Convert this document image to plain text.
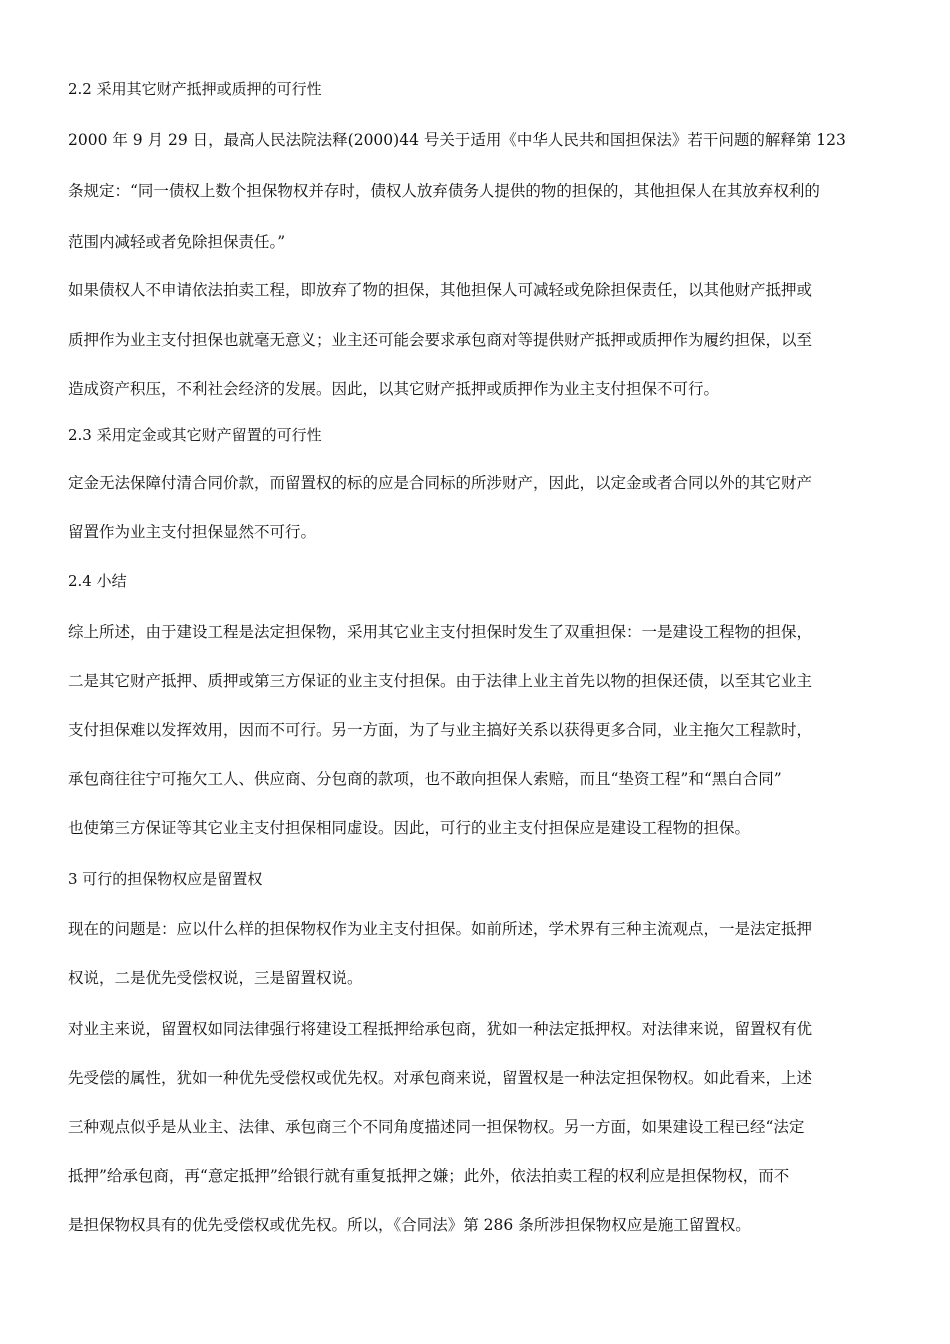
2.2 采用其它财产抵押或质押的可行性
2000 年 9 月 29 日，最高人民法院法释(2000)44 号关于适用《中华人民共和国担保法》若干问题的解释第 123
条规定：“同一债权上数个担保物权并存时，债权人放弃债务人提供的物的担保的，其他担保人在其放弃权利的
范围内减轻或者免除担保责任。”
如果债权人不申请依法拍卖工程，即放弃了物的担保，其他担保人可减轻或免除担保责任，以其他财产抵押或
质押作为业主支付担保也就毫无意义；业主还可能会要求承包商对等提供财产抵押或质押作为履约担保，以至
造成资产积压，不利社会经济的发展。因此，以其它财产抵押或质押作为业主支付担保不可行。
2.3 采用定金或其它财产留置的可行性
定金无法保障付清合同价款，而留置权的标的应是合同标的所涉财产，因此，以定金或者合同以外的其它财产
留置作为业主支付担保显然不可行。
2.4 小结
综上所述，由于建设工程是法定担保物，采用其它业主支付担保时发生了双重担保：一是建设工程物的担保，
二是其它财产抵押、质押或第三方保证的业主支付担保。由于法律上业主首先以物的担保还债，以至其它业主
支付担保难以发挥效用，因而不可行。另一方面，为了与业主搞好关系以获得更多合同，业主拖欠工程款时，
承包商往往宁可拖欠工人、供应商、分包商的款项，也不敢向担保人索赔，而且“垫资工程”和“黑白合同”
也使第三方保证等其它业主支付担保相同虚设。因此，可行的业主支付担保应是建设工程物的担保。
3 可行的担保物权应是留置权
现在的问题是：应以什么样的担保物权作为业主支付担保。如前所述，学术界有三种主流观点，一是法定抵押
权说，二是优先受偿权说，三是留置权说。
对业主来说，留置权如同法律强行将建设工程抵押给承包商，犹如一种法定抵押权。对法律来说，留置权有优
先受偿的属性，犹如一种优先受偿权或优先权。对承包商来说，留置权是一种法定担保物权。如此看来，上述
三种观点似乎是从业主、法律、承包商三个不同角度描述同一担保物权。另一方面，如果建设工程已经“法定
抵押”给承包商，再“意定抵押”给银行就有重复抵押之嫌；此外，依法拍卖工程的权利应是担保物权，而不
是担保物权具有的优先受偿权或优先权。所以，《合同法》第 286 条所涉担保物权应是施工留置权。
